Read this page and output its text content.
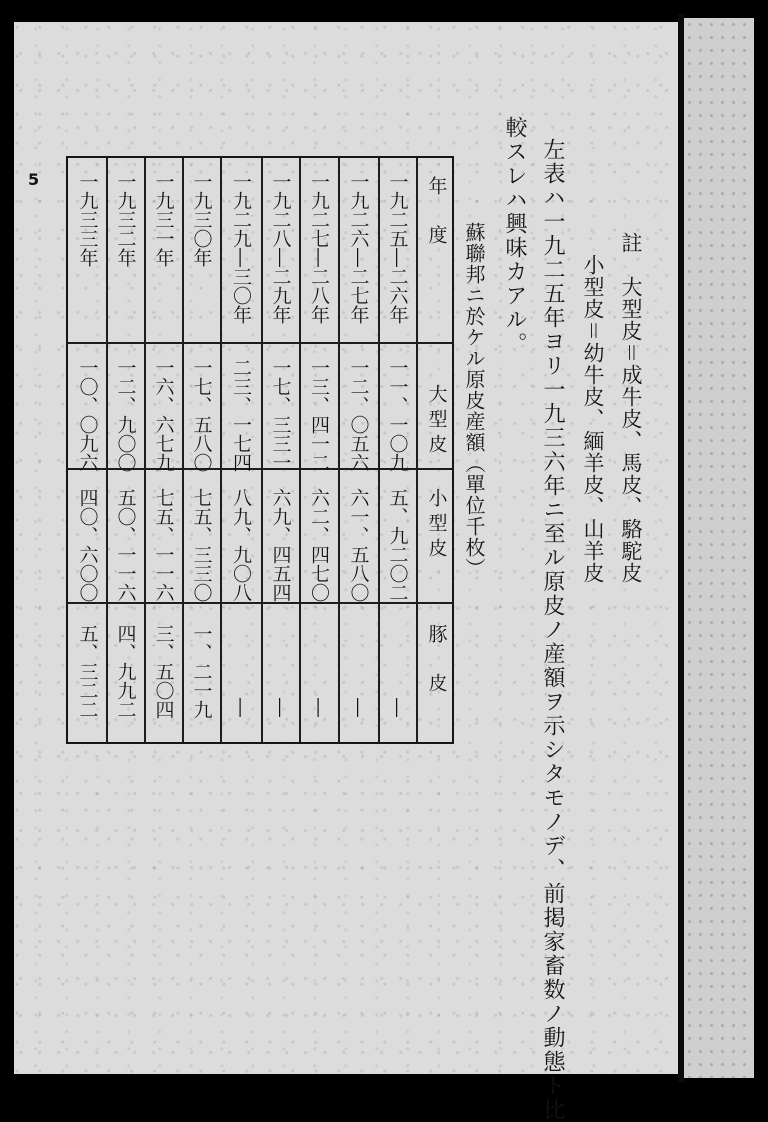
5
註　大型皮＝成牛皮、馬皮、駱駝皮
小型皮＝幼牛皮、緬羊皮、山羊皮
左表ハ一九二五年ヨリ一九三六年ニ至ル原皮ノ産額ヲ示シタモノデ、前掲家畜数ノ動態ト比
較スレハ興味カアル。
蘇聯邦ニ於ケル原皮産額（單位千枚）
年度
大型皮
小型皮
豚皮
一九二五―二六年
一一、一〇九
五、九二〇二
―
一九二六―二七年
一二、〇五六
六一、五八〇
―
一九二七―二八年
一三、四一二
六二、四七〇
―
一九二八―二九年
一七、三三一
六九、四五四
―
一九二九―三〇年
二三、一七四
八九、九〇八
―
一九三〇年
一七、五八〇
七五、三三〇
一、二一九
一九三一年
一六、六七九
七五、一一六
三、五〇四
一九三二年
一二、九〇〇
五〇、一一六
四、九九二
一九三三年
一〇、〇九六
四〇、六〇〇
五、三二二
